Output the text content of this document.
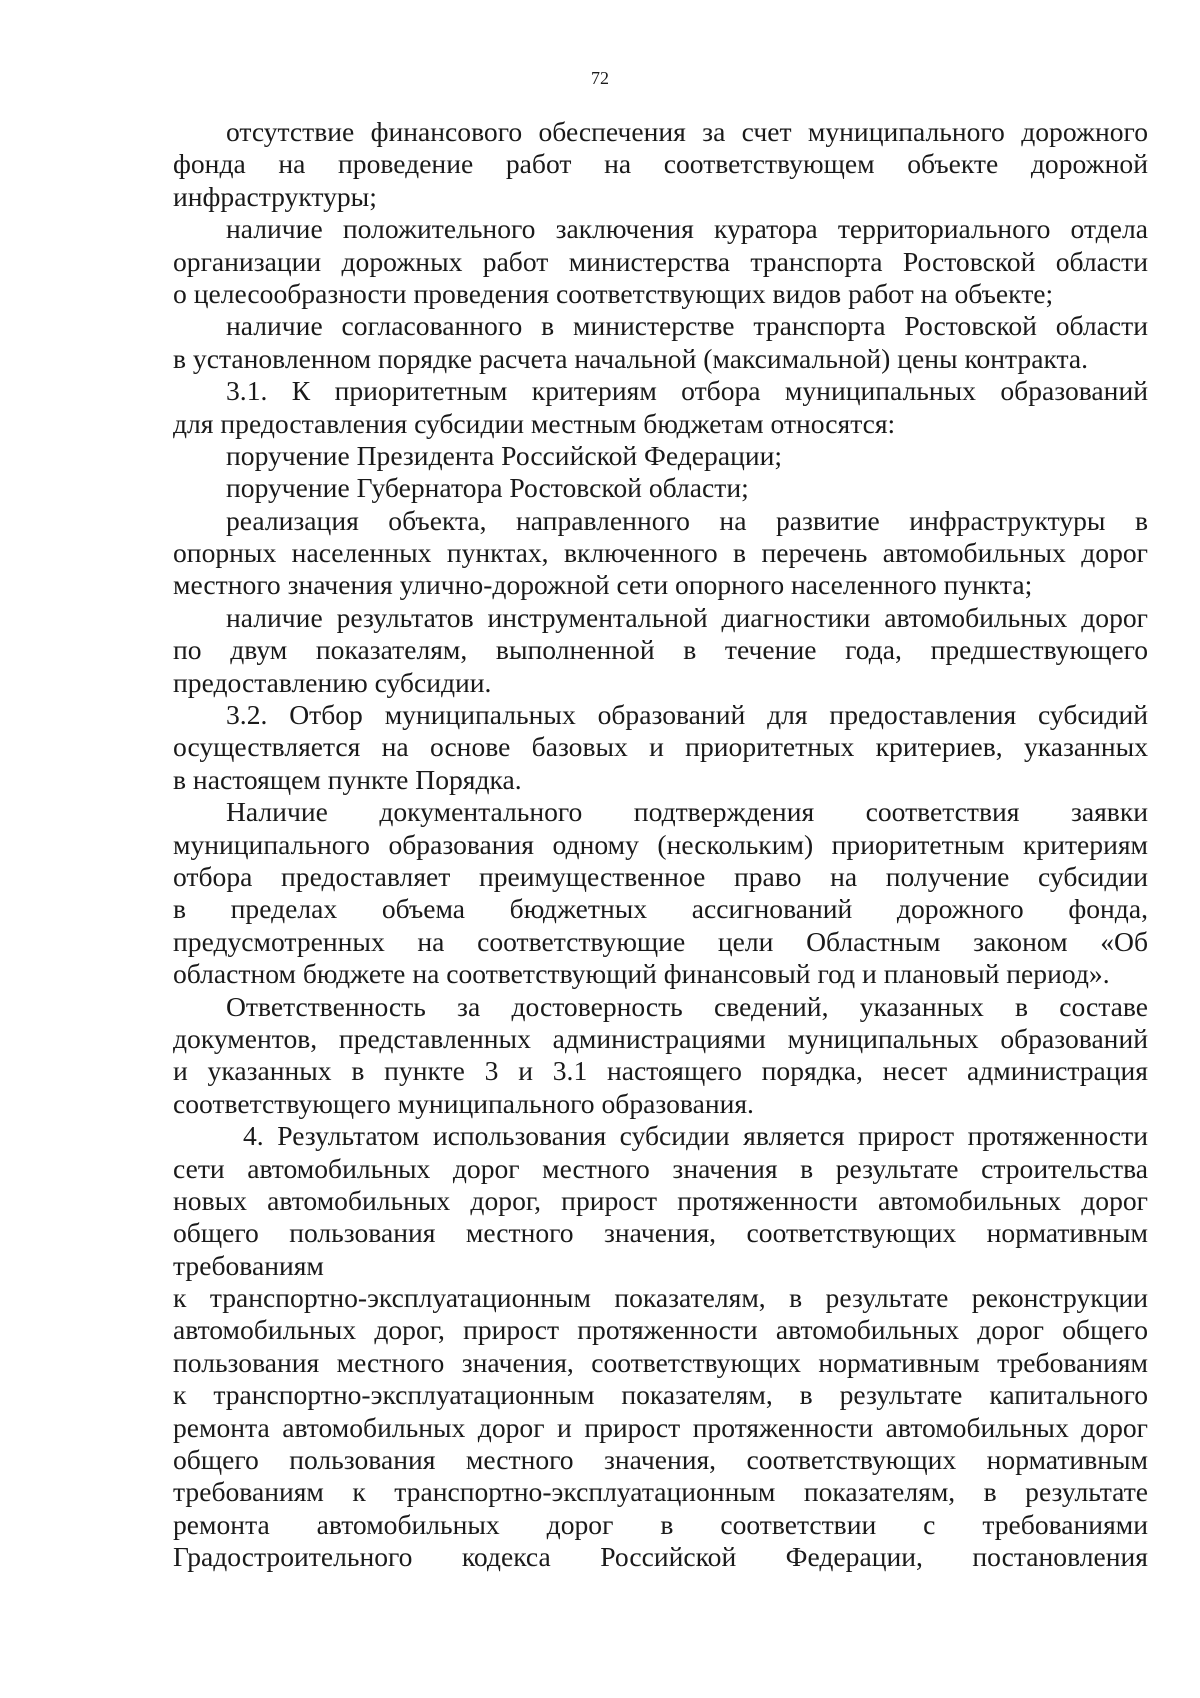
72
отсутствие финансового обеспечения за счет муниципального дорожного
фонда на проведение работ на соответствующем объекте дорожной
инфраструктуры;
наличие положительного заключения куратора территориального отдела
организации дорожных работ министерства транспорта Ростовской области
о целесообразности проведения соответствующих видов работ на объекте;
наличие согласованного в министерстве транспорта Ростовской области
в установленном порядке расчета начальной (максимальной) цены контракта.
3.1. К приоритетным критериям отбора муниципальных образований
для предоставления субсидии местным бюджетам относятся:
поручение Президента Российской Федерации;
поручение Губернатора Ростовской области;
реализация объекта, направленного на развитие инфраструктуры в
опорных населенных пунктах, включенного в перечень автомобильных дорог
местного значения улично-дорожной сети опорного населенного пункта;
наличие результатов инструментальной диагностики автомобильных дорог
по двум показателям, выполненной в течение года, предшествующего
предоставлению субсидии.
3.2. Отбор муниципальных образований для предоставления субсидий
осуществляется на основе базовых и приоритетных критериев, указанных
в настоящем пункте Порядка.
Наличие документального подтверждения соответствия заявки
муниципального образования одному (нескольким) приоритетным критериям
отбора предоставляет преимущественное право на получение субсидии
в пределах объема бюджетных ассигнований дорожного фонда,
предусмотренных на соответствующие цели Областным законом «Об
областном бюджете на соответствующий финансовый год и плановый период».
Ответственность за достоверность сведений, указанных в составе
документов, представленных администрациями муниципальных образований
и указанных в пункте 3 и 3.1 настоящего порядка, несет администрация
соответствующего муниципального образования.
4. Результатом использования субсидии является прирост протяженности
сети автомобильных дорог местного значения в результате строительства
новых автомобильных дорог, прирост протяженности автомобильных дорог
общего пользования местного значения, соответствующих нормативным
требованиям
к транспортно-эксплуатационным показателям, в результате реконструкции
автомобильных дорог, прирост протяженности автомобильных дорог общего
пользования местного значения, соответствующих нормативным требованиям
к транспортно-эксплуатационным показателям, в результате капитального
ремонта автомобильных дорог и прирост протяженности автомобильных дорог
общего пользования местного значения, соответствующих нормативным
требованиям к транспортно-эксплуатационным показателям, в результате
ремонта автомобильных дорог в соответствии с требованиями
Градостроительного кодекса Российской Федерации, постановления
